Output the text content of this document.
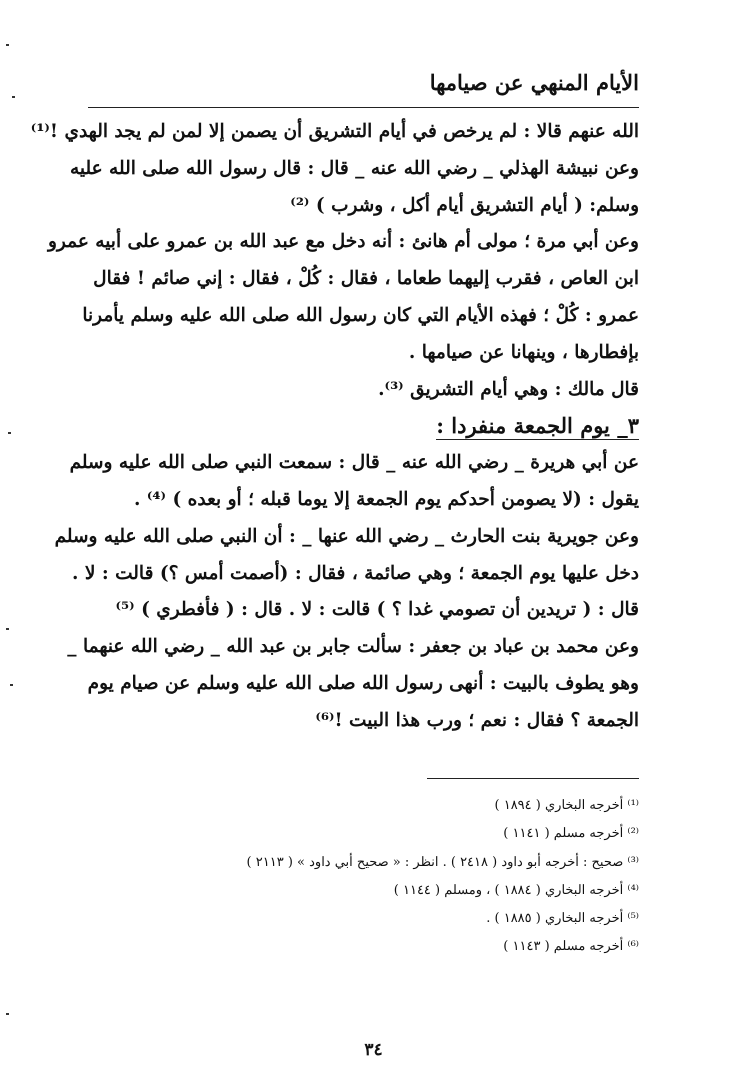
الأيام المنهي عن صيامها
الله عنهم قالا : لم يرخص في أيام التشريق أن يصمن إلا لمن لم يجد الهدي !⁽¹⁾
وعن نبيشة الهذلي _ رضي الله عنه _ قال : قال رسول الله صلى الله عليه
وسلم: ( أيام التشريق أيام أكل ، وشرب ) ⁽²⁾
وعن أبي مرة ؛ مولى أم هانئ : أنه دخل مع عبد الله بن عمرو على أبيه عمرو
ابن العاص ، فقرب إليهما طعاما ، فقال : كُلْ ، فقال : إني صائم ! فقال
عمرو : كُلْ ؛ فهذه الأيام التي كان رسول الله صلى الله عليه وسلم يأمرنا
بإفطارها ، وينهانا عن صيامها .
قال مالك : وهي أيام التشريق ⁽³⁾.
٣_ يوم الجمعة منفردا :
عن أبي هريرة _ رضي الله عنه _ قال : سمعت النبي صلى الله عليه وسلم
يقول : (لا يصومن أحدكم يوم الجمعة إلا يوما قبله ؛ أو بعده ) ⁽⁴⁾ .
وعن جويرية بنت الحارث _ رضي الله عنها _ : أن النبي صلى الله عليه وسلم
دخل عليها يوم الجمعة ؛ وهي صائمة ، فقال : (أصمت أمس ؟) قالت : لا .
قال : ( تريدين أن تصومي غدا ؟ ) قالت : لا . قال : ( فأفطري ) ⁽⁵⁾
وعن محمد بن عباد بن جعفر : سألت جابر بن عبد الله _ رضي الله عنهما _
وهو يطوف بالبيت : أنهى رسول الله صلى الله عليه وسلم عن صيام يوم
الجمعة ؟ فقال : نعم ؛ ورب هذا البيت !⁽⁶⁾
⁽¹⁾ أخرجه البخاري ( ١٨٩٤ )
⁽²⁾ أخرجه مسلم ( ١١٤١ )
⁽³⁾ صحيح : أخرجه أبو داود ( ٢٤١٨ ) . انظر : « صحيح أبي داود » ( ٢١١٣ )
⁽⁴⁾ أخرجه البخاري ( ١٨٨٤ ) ، ومسلم ( ١١٤٤ )
⁽⁵⁾ أخرجه البخاري ( ١٨٨٥ ) .
⁽⁶⁾ أخرجه مسلم ( ١١٤٣ )
٣٤
